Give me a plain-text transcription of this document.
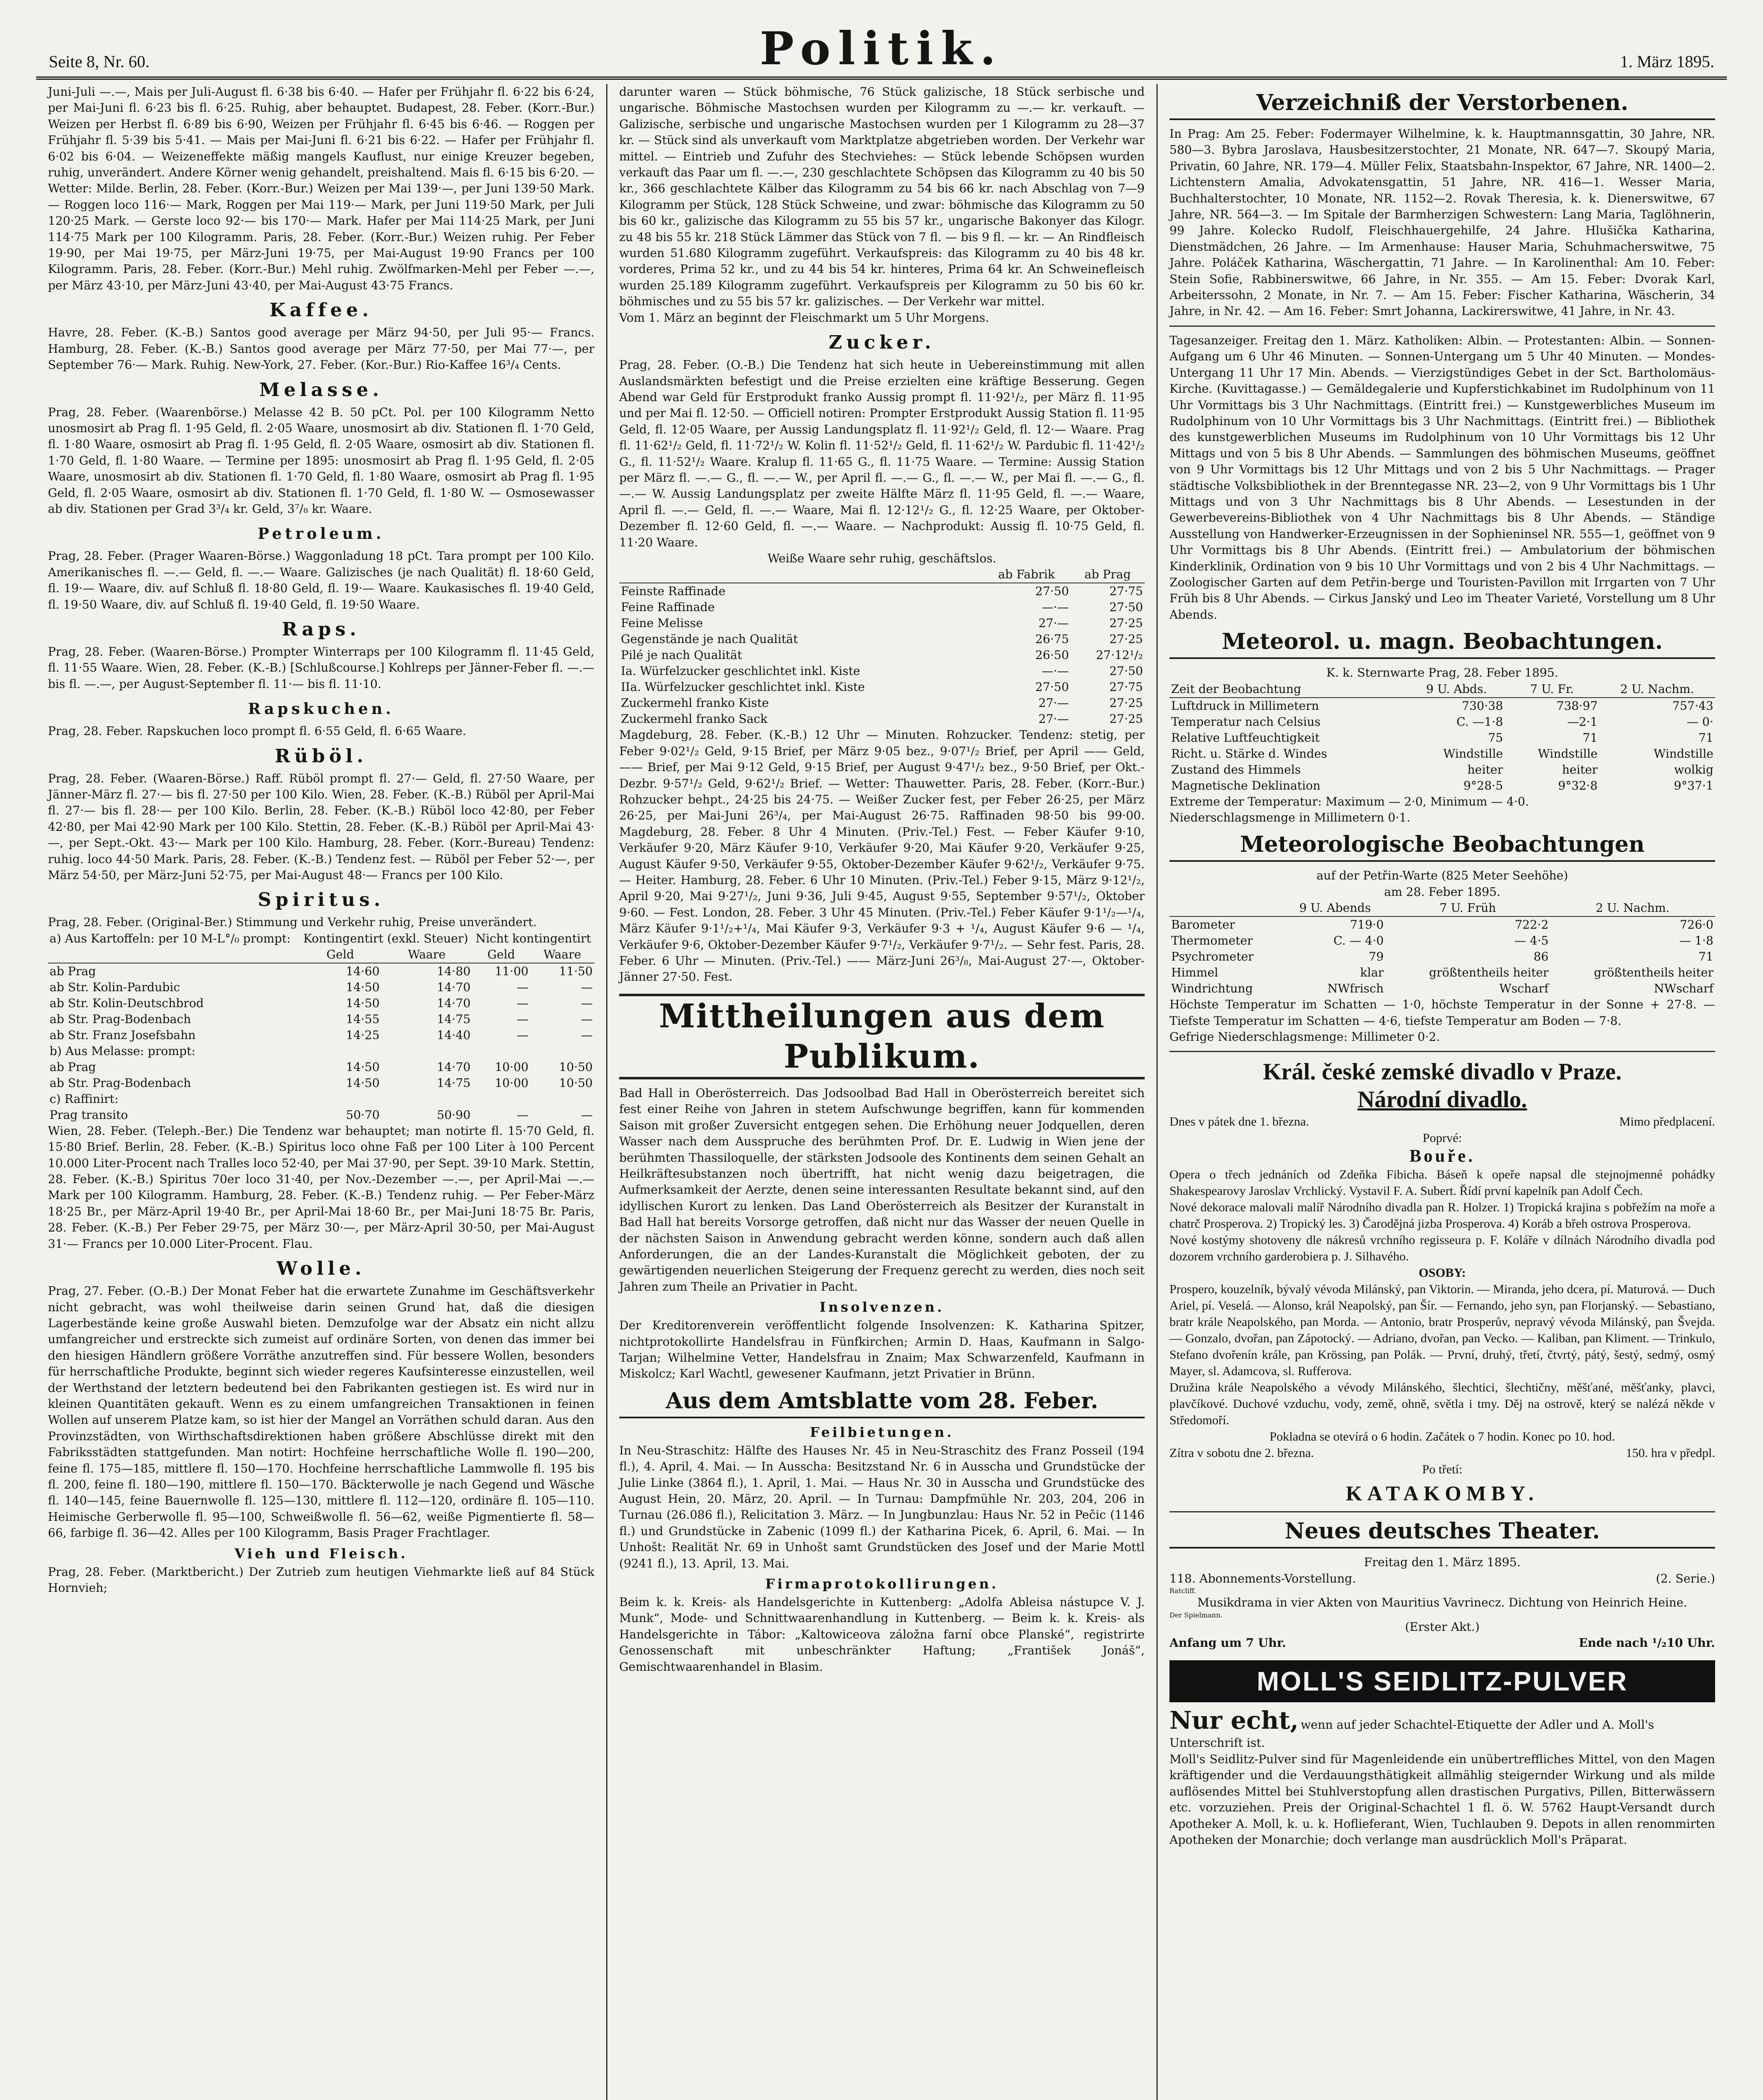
Seite 8, Nr. 60.	Politik.	1. März 1895.

Juni-Juli —.—, Mais per Juli-August fl. 6·38 bis 6·40. — Hafer per Frühjahr fl. 6·22 bis 6·24, per Mai-Juni fl. 6·23 bis fl. 6·25. Ruhig, aber behauptet. Budapest, 28. Feber. (Korr.-Bur.) Weizen per Herbst fl. 6·89 bis 6·90, Weizen per Frühjahr fl. 6·45 bis 6·46. — Roggen per Frühjahr fl. 5·39 bis 5·41. — Mais per Mai-Juni fl. 6·21 bis 6·22. — Hafer per Frühjahr fl. 6·02 bis 6·04. — Weizeneffekte mäßig mangels Kauflust, nur einige Kreuzer begeben, ruhig, unverändert. Andere Körner wenig gehandelt, preishaltend. Mais fl. 6·15 bis 6·20. — Wetter: Milde. Berlin, 28. Feber. (Korr.-Bur.) Weizen per Mai 139·—, per Juni 139·50 Mark. — Roggen loco 116·— Mark, Roggen per Mai 119·— Mark, per Juni 119·50 Mark, per Juli 120·25 Mark. — Gerste loco 92·— bis 170·— Mark. Hafer per Mai 114·25 Mark, per Juni 114·75 Mark per 100 Kilogramm. Paris, 28. Feber. (Korr.-Bur.) Weizen ruhig. Per Feber 19·90, per Mai 19·75, per März-Juni 19·75, per Mai-August 19·90 Francs per 100 Kilogramm. Paris, 28. Feber. (Korr.-Bur.) Mehl ruhig. Zwölfmarken-Mehl per Feber —.—, per März 43·10, per März-Juni 43·40, per Mai-August 43·75 Francs.

Kaffee.

Havre, 28. Feber. (K.-B.) Santos good average per März 94·50, per Juli 95·— Francs. Hamburg, 28. Feber. (K.-B.) Santos good average per März 77·50, per Mai 77·—, per September 76·— Mark. Ruhig. New-York, 27. Feber. (Kor.-Bur.) Rio-Kaffee 16³/₄ Cents.

Melasse.

Prag, 28. Feber. (Waarenbörse.) Melasse 42 B. 50 pCt. Pol. per 100 Kilogramm Netto unosmosirt ab Prag fl. 1·95 Geld, fl. 2·05 Waare, unosmosirt ab div. Stationen fl. 1·70 Geld, fl. 1·80 Waare, osmosirt ab Prag fl. 1·95 Geld, fl. 2·05 Waare, osmosirt ab div. Stationen fl. 1·70 Geld, fl. 1·80 Waare. — Termine per 1895: unosmosirt ab Prag fl. 1·95 Geld, fl. 2·05 Waare, unosmosirt ab div. Stationen fl. 1·70 Geld, fl. 1·80 Waare, osmosirt ab Prag fl. 1·95 Geld, fl. 2·05 Waare, osmosirt ab div. Stationen fl. 1·70 Geld, fl. 1·80 W. — Osmosewasser ab div. Stationen per Grad 3³/₄ kr. Geld, 3⁷/₈ kr. Waare.

Petroleum.

Prag, 28. Feber. (Prager Waaren-Börse.) Waggonladung 18 pCt. Tara prompt per 100 Kilo. Amerikanisches fl. —.— Geld, fl. —.— Waare. Galizisches (je nach Qualität) fl. 18·60 Geld, fl. 19·— Waare, div. auf Schluß fl. 18·80 Geld, fl. 19·— Waare. Kaukasisches fl. 19·40 Geld, fl. 19·50 Waare, div. auf Schluß fl. 19·40 Geld, fl. 19·50 Waare.

Raps.

Prag, 28. Feber. (Waaren-Börse.) Prompter Winterraps per 100 Kilogramm fl. 11·45 Geld, fl. 11·55 Waare. Wien, 28. Feber. (K.-B.) [Schlußcourse.] Kohlreps per Jänner-Feber fl. —.— bis fl. —.—, per August-September fl. 11·— bis fl. 11·10.

Rapskuchen.

Prag, 28. Feber. Rapskuchen loco prompt fl. 6·55 Geld, fl. 6·65 Waare.

Rüböl.

Prag, 28. Feber. (Waaren-Börse.) Raff. Rüböl prompt fl. 27·— Geld, fl. 27·50 Waare, per Jänner-März fl. 27·— bis fl. 27·50 per 100 Kilo. Wien, 28. Feber. (K.-B.) Rüböl per April-Mai fl. 27·— bis fl. 28·— per 100 Kilo. Berlin, 28. Feber. (K.-B.) Rüböl loco 42·80, per Feber 42·80, per Mai 42·90 Mark per 100 Kilo. Stettin, 28. Feber. (K.-B.) Rüböl per April-Mai 43·—, per Sept.-Okt. 43·— Mark per 100 Kilo. Hamburg, 28. Feber. (Korr.-Bureau) Tendenz: ruhig. loco 44·50 Mark. Paris, 28. Feber. (K.-B.) Tendenz fest. — Rüböl per Feber 52·—, per März 54·50, per März-Juni 52·75, per Mai-August 48·— Francs per 100 Kilo.

Spiritus.

Prag, 28. Feber. (Original-Ber.) Stimmung und Verkehr ruhig, Preise unverändert.

a) Aus Kartoffeln: per 10 M-L°/₀ prompt:	Kontingentirt (exkl. Steuer)		Nicht kontingentirt	
	Geld	Waare	Geld	Waare
ab Prag	14·60	14·80	11·00	11·50
ab Str. Kolin-Pardubic	14·50	14·70	—	—
ab Str. Kolin-Deutschbrod	14·50	14·70	—	—
ab Str. Prag-Bodenbach	14·55	14·75	—	—
ab Str. Franz Josefsbahn	14·25	14·40	—	—
b) Aus Melasse: prompt:				
ab Prag	14·50	14·70	10·00	10·50
ab Str. Prag-Bodenbach	14·50	14·75	10·00	10·50
c) Raffinirt:				
Prag transito	50·70	50·90	—	—

Wien, 28. Feber. (Teleph.-Ber.) Die Tendenz war behauptet; man notirte fl. 15·70 Geld, fl. 15·80 Brief. Berlin, 28. Feber. (K.-B.) Spiritus loco ohne Faß per 100 Liter à 100 Percent 10.000 Liter-Procent nach Tralles loco 52·40, per Mai 37·90, per Sept. 39·10 Mark. Stettin, 28. Feber. (K.-B.) Spiritus 70er loco 31·40, per Nov.-Dezember —.—, per April-Mai —.— Mark per 100 Kilogramm. Hamburg, 28. Feber. (K.-B.) Tendenz ruhig. — Per Feber-März 18·25 Br., per März-April 19·40 Br., per April-Mai 18·60 Br., per Mai-Juni 18·75 Br. Paris, 28. Feber. (K.-B.) Per Feber 29·75, per März 30·—, per März-April 30·50, per Mai-August 31·— Francs per 10.000 Liter-Procent. Flau.

Wolle.

Prag, 27. Feber. (O.-B.) Der Monat Feber hat die erwartete Zunahme im Geschäftsverkehr nicht gebracht, was wohl theilweise darin seinen Grund hat, daß die diesigen Lagerbestände keine große Auswahl bieten. Demzufolge war der Absatz ein nicht allzu umfangreicher und erstreckte sich zumeist auf ordinäre Sorten, von denen das immer bei den hiesigen Händlern größere Vorräthe anzutreffen sind. Für bessere Wollen, besonders für herrschaftliche Produkte, beginnt sich wieder regeres Kaufsinteresse einzustellen, weil der Werthstand der letztern bedeutend bei den Fabrikanten gestiegen ist. Es wird nur in kleinen Quantitäten gekauft. Wenn es zu einem umfangreichen Transaktionen in feinen Wollen auf unserem Platze kam, so ist hier der Mangel an Vorräthen schuld daran. Aus den Provinzstädten, von Wirthschaftsdirektionen haben größere Abschlüsse direkt mit den Fabriksstädten stattgefunden. Man notirt: Hochfeine herrschaftliche Wolle fl. 190—200, feine fl. 175—185, mittlere fl. 150—170. Hochfeine herrschaftliche Lammwolle fl. 195 bis fl. 200, feine fl. 180—190, mittlere fl. 150—170. Bäckterwolle je nach Gegend und Wäsche fl. 140—145, feine Bauernwolle fl. 125—130, mittlere fl. 112—120, ordinäre fl. 105—110. Heimische Gerberwolle fl. 95—100, Schweißwolle fl. 56—62, weiße Pigmentierte fl. 58—66, farbige fl. 36—42. Alles per 100 Kilogramm, Basis Prager Frachtlager.

Vieh und Fleisch.

Prag, 28. Feber. (Marktbericht.) Der Zutrieb zum heutigen Viehmarkte ließ auf 84 Stück Hornvieh;

darunter waren — Stück böhmische, 76 Stück galizische, 18 Stück serbische und ungarische. Böhmische Mastochsen wurden per Kilogramm zu —.— kr. verkauft. — Galizische, serbische und ungarische Mastochsen wurden per 1 Kilogramm zu 28—37 kr. — Stück sind als unverkauft vom Marktplatze abgetrieben worden. Der Verkehr war mittel. — Eintrieb und Zufuhr des Stechviehes: — Stück lebende Schöpsen wurden verkauft das Paar um fl. —.—, 230 geschlachtete Schöpsen das Kilogramm zu 40 bis 50 kr., 366 geschlachtete Kälber das Kilogramm zu 54 bis 66 kr. nach Abschlag von 7—9 Kilogramm per Stück, 128 Stück Schweine, und zwar: böhmische das Kilogramm zu 50 bis 60 kr., galizische das Kilogramm zu 55 bis 57 kr., ungarische Bakonyer das Kilogr. zu 48 bis 55 kr. 218 Stück Lämmer das Stück von 7 fl. — bis 9 fl. — kr. — An Rindfleisch wurden 51.680 Kilogramm zugeführt. Verkaufspreis: das Kilogramm zu 40 bis 48 kr. vorderes, Prima 52 kr., und zu 44 bis 54 kr. hinteres, Prima 64 kr. An Schweinefleisch wurden 25.189 Kilogramm zugeführt. Verkaufspreis per Kilogramm zu 50 bis 60 kr. böhmisches und zu 55 bis 57 kr. galizisches. — Der Verkehr war mittel.

Vom 1. März an beginnt der Fleischmarkt um 5 Uhr Morgens.

Zucker.

Prag, 28. Feber. (O.-B.) Die Tendenz hat sich heute in Uebereinstimmung mit allen Auslandsmärkten befestigt und die Preise erzielten eine kräftige Besserung. Gegen Abend war Geld für Erstprodukt franko Aussig prompt fl. 11·92¹/₂, per März fl. 11·95 und per Mai fl. 12·50. — Officiell notiren: Prompter Erstprodukt Aussig Station fl. 11·95 Geld, fl. 12·05 Waare, per Aussig Landungsplatz fl. 11·92¹/₂ Geld, fl. 12·— Waare. Prag fl. 11·62¹/₂ Geld, fl. 11·72¹/₂ W. Kolin fl. 11·52¹/₂ Geld, fl. 11·62¹/₂ W. Pardubic fl. 11·42¹/₂ G., fl. 11·52¹/₂ Waare. Kralup fl. 11·65 G., fl. 11·75 Waare. — Termine: Aussig Station per März fl. —.— G., fl. —.— W., per April fl. —.— G., fl. —.— W., per Mai fl. —.— G., fl. —.— W. Aussig Landungsplatz per zweite Hälfte März fl. 11·95 Geld, fl. —.— Waare, April fl. —.— Geld, fl. —.— Waare, Mai fl. 12·12¹/₂ G., fl. 12·25 Waare, per Oktober-Dezember fl. 12·60 Geld, fl. —.— Waare. — Nachprodukt: Aussig fl. 10·75 Geld, fl. 11·20 Waare.

Weiße Waare sehr ruhig, geschäftslos.

	ab Fabrik	ab Prag
Feinste Raffinade	27·50	27·75
Feine Raffinade	—·—	27·50
Feine Melisse	27·—	27·25
Gegenstände je nach Qualität	26·75	27·25
Pilé je nach Qualität	26·50	27·12¹/₂
Ia. Würfelzucker geschlichtet inkl. Kiste	—·—	27·50
IIa. Würfelzucker geschlichtet inkl. Kiste	27·50	27·75
Zuckermehl franko Kiste	27·—	27·25
Zuckermehl franko Sack	27·—	27·25

Magdeburg, 28. Feber. (K.-B.) 12 Uhr — Minuten. Rohzucker. Tendenz: stetig, per Feber 9·02¹/₂ Geld, 9·15 Brief, per März 9·05 bez., 9·07¹/₂ Brief, per April —— Geld, —— Brief, per Mai 9·12 Geld, 9·15 Brief, per August 9·47¹/₂ bez., 9·50 Brief, per Okt.-Dezbr. 9·57¹/₂ Geld, 9·62¹/₂ Brief. — Wetter: Thauwetter. Paris, 28. Feber. (Korr.-Bur.) Rohzucker behpt., 24·25 bis 24·75. — Weißer Zucker fest, per Feber 26·25, per März 26·25, per Mai-Juni 26³/₄, per Mai-August 26·75. Raffinaden 98·50 bis 99·00. Magdeburg, 28. Feber. 8 Uhr 4 Minuten. (Priv.-Tel.) Fest. — Feber Käufer 9·10, Verkäufer 9·20, März Käufer 9·10, Verkäufer 9·20, Mai Käufer 9·20, Verkäufer 9·25, August Käufer 9·50, Verkäufer 9·55, Oktober-Dezember Käufer 9·62¹/₂, Verkäufer 9·75. — Heiter. Hamburg, 28. Feber. 6 Uhr 10 Minuten. (Priv.-Tel.) Feber 9·15, März 9·12¹/₂, April 9·20, Mai 9·27¹/₂, Juni 9·36, Juli 9·45, August 9·55, September 9·57¹/₂, Oktober 9·60. — Fest. London, 28. Feber. 3 Uhr 45 Minuten. (Priv.-Tel.) Feber Käufer 9·1¹/₂—¹/₄, März Käufer 9·1¹/₂+¹/₄, Mai Käufer 9·3, Verkäufer 9·3 + ¹/₄, August Käufer 9·6 — ¹/₄, Verkäufer 9·6, Oktober-Dezember Käufer 9·7¹/₂, Verkäufer 9·7¹/₂. — Sehr fest. Paris, 28. Feber. 6 Uhr — Minuten. (Priv.-Tel.) —— März-Juni 26³/₈, Mai-August 27·—, Oktober-Jänner 27·50. Fest.

Mittheilungen aus dem Publikum.

Bad Hall in Oberösterreich. Das Jodsoolbad Bad Hall in Oberösterreich bereitet sich fest einer Reihe von Jahren in stetem Aufschwunge begriffen, kann für kommenden Saison mit großer Zuversicht entgegen sehen. Die Erhöhung neuer Jodquellen, deren Wasser nach dem Ausspruche des berühmten Prof. Dr. E. Ludwig in Wien jene der berühmten Thassiloquelle, der stärksten Jodsoole des Kontinents dem seinen Gehalt an Heilkräftesubstanzen noch übertrifft, hat nicht wenig dazu beigetragen, die Aufmerksamkeit der Aerzte, denen seine interessanten Resultate bekannt sind, auf den idyllischen Kurort zu lenken. Das Land Oberösterreich als Besitzer der Kuranstalt in Bad Hall hat bereits Vorsorge getroffen, daß nicht nur das Wasser der neuen Quelle in der nächsten Saison in Anwendung gebracht werden könne, sondern auch daß allen Anforderungen, die an der Landes-Kuranstalt die Möglichkeit geboten, der zu gewärtigenden neuerlichen Steigerung der Frequenz gerecht zu werden, dies noch seit Jahren zum Theile an Privatier in Pacht.

Insolvenzen.

Der Kreditorenverein veröffentlicht folgende Insolvenzen: K. Katharina Spitzer, nichtprotokollirte Handelsfrau in Fünfkirchen; Armin D. Haas, Kaufmann in Salgo-Tarjan; Wilhelmine Vetter, Handelsfrau in Znaim; Max Schwarzenfeld, Kaufmann in Miskolcz; Karl Wachtl, gewesener Kaufmann, jetzt Privatier in Brünn.

Aus dem Amtsblatte vom 28. Feber.
Feilbietungen.

In Neu-Straschitz: Hälfte des Hauses Nr. 45 in Neu-Straschitz des Franz Posseil (194 fl.), 4. April, 4. Mai. — In Ausscha: Besitzstand Nr. 6 in Ausscha und Grundstücke der Julie Linke (3864 fl.), 1. April, 1. Mai. — Haus Nr. 30 in Ausscha und Grundstücke des August Hein, 20. März, 20. April. — In Turnau: Dampfmühle Nr. 203, 204, 206 in Turnau (26.086 fl.), Relicitation 3. März. — In Jungbunzlau: Haus Nr. 52 in Pečic (1146 fl.) und Grundstücke in Zabenic (1099 fl.) der Katharina Picek, 6. April, 6. Mai. — In Unhošt: Realität Nr. 69 in Unhošt samt Grundstücken des Josef und der Marie Mottl (9241 fl.), 13. April, 13. Mai.

Firmaprotokollirungen.

Beim k. k. Kreis- als Handelsgerichte in Kuttenberg: „Adolfa Ableisa nástupce V. J. Munk“, Mode- und Schnittwaarenhandlung in Kuttenberg. — Beim k. k. Kreis- als Handelsgerichte in Tábor: „Kaltowiceova záložna farní obce Planské“, registrirte Genossenschaft mit unbeschränkter Haftung; „František Jonáš“, Gemischtwaarenhandel in Blasim.

Verzeichniß der Verstorbenen.

In Prag: Am 25. Feber: Fodermayer Wilhelmine, k. k. Hauptmannsgattin, 30 Jahre, NR. 580—3. Bybra Jaroslava, Hausbesitzerstochter, 21 Monate, NR. 647—7. Skoupý Maria, Privatin, 60 Jahre, NR. 179—4. Müller Felix, Staatsbahn-Inspektor, 67 Jahre, NR. 1400—2. Lichtenstern Amalia, Advokatensgattin, 51 Jahre, NR. 416—1. Wesser Maria, Buchhalterstochter, 10 Monate, NR. 1152—2. Rovak Theresia, k. k. Dienerswitwe, 67 Jahre, NR. 564—3. — Im Spitale der Barmherzigen Schwestern: Lang Maria, Taglöhnerin, 99 Jahre. Kolecko Rudolf, Fleischhauergehilfe, 24 Jahre. Hlušička Katharina, Dienstmädchen, 26 Jahre. — Im Armenhause: Hauser Maria, Schuhmacherswitwe, 75 Jahre. Poláček Katharina, Wäschergattin, 71 Jahre. — In Karolinenthal: Am 10. Feber: Stein Sofie, Rabbinerswitwe, 66 Jahre, in Nr. 355. — Am 15. Feber: Dvorak Karl, Arbeiterssohn, 2 Monate, in Nr. 7. — Am 15. Feber: Fischer Katharina, Wäscherin, 34 Jahre, in Nr. 42. — Am 16. Feber: Smrt Johanna, Lackirerswitwe, 41 Jahre, in Nr. 43.

Tagesanzeiger. Freitag den 1. März. Katholiken: Albin. — Protestanten: Albin. — Sonnen-Aufgang um 6 Uhr 46 Minuten. — Sonnen-Untergang um 5 Uhr 40 Minuten. — Mondes-Untergang 11 Uhr 17 Min. Abends. — Vierzigstündiges Gebet in der Sct. Bartholomäus-Kirche. (Kuvittagasse.) — Gemäldegalerie und Kupferstichkabinet im Rudolphinum von 11 Uhr Vormittags bis 3 Uhr Nachmittags. (Eintritt frei.) — Kunstgewerbliches Museum im Rudolphinum von 10 Uhr Vormittags bis 3 Uhr Nachmittags. (Eintritt frei.) — Bibliothek des kunstgewerblichen Museums im Rudolphinum von 10 Uhr Vormittags bis 12 Uhr Mittags und von 5 bis 8 Uhr Abends. — Sammlungen des böhmischen Museums, geöffnet von 9 Uhr Vormittags bis 12 Uhr Mittags und von 2 bis 5 Uhr Nachmittags. — Prager städtische Volksbibliothek in der Brenntegasse NR. 23—2, von 9 Uhr Vormittags bis 1 Uhr Mittags und von 3 Uhr Nachmittags bis 8 Uhr Abends. — Lesestunden in der Gewerbevereins-Bibliothek von 4 Uhr Nachmittags bis 8 Uhr Abends. — Ständige Ausstellung von Handwerker-Erzeugnissen in der Sophieninsel NR. 555—1, geöffnet von 9 Uhr Vormittags bis 8 Uhr Abends. (Eintritt frei.) — Ambulatorium der böhmischen Kinderklinik, Ordination von 9 bis 10 Uhr Vormittags und von 2 bis 4 Uhr Nachmittags. — Zoologischer Garten auf dem Petřin-berge und Touristen-Pavillon mit Irrgarten von 7 Uhr Früh bis 8 Uhr Abends. — Cirkus Janský und Leo im Theater Varieté, Vorstellung um 8 Uhr Abends.

Meteorol. u. magn. Beobachtungen.
K. k. Sternwarte Prag, 28. Feber 1895.
Zeit der Beobachtung	9 U. Abds.	7 U. Fr.	2 U. Nachm.
Luftdruck in Millimetern	730·38	738·97	757·43
Temperatur nach Celsius	C. —1·8	—2·1	— 0·
Relative Luftfeuchtigkeit	75	71	71
Richt. u. Stärke d. Windes	Windstille	Windstille	Windstille
Zustand des Himmels	heiter	heiter	wolkig
Magnetische Deklination	9°28·5	9°32·8	9°37·1

Extreme der Temperatur: Maximum — 2·0, Minimum — 4·0.

Niederschlagsmenge in Millimetern 0·1.

Meteorologische Beobachtungen
auf der Petřin-Warte (825 Meter Seehöhe)
am 28. Feber 1895.
	9 U. Abends	7 U. Früh	2 U. Nachm.
Barometer	719·0	722·2	726·0
Thermometer	C. — 4·0	— 4·5	— 1·8
Psychrometer	79	86	71
Himmel	klar	größtentheils heiter	größtentheils heiter
Windrichtung	NWfrisch	Wscharf	NWscharf

Höchste Temperatur im Schatten — 1·0, höchste Temperatur in der Sonne + 27·8. — Tiefste Temperatur im Schatten — 4·6, tiefste Temperatur am Boden — 7·8.

Gefrige Niederschlagsmenge: Millimeter 0·2.

Král. české zemské divadlo v Praze.
Národní divadlo.
Dnes v pátek dne 1. března.	Mimo předplacení.
Poprvé:
Bouře.

Opera o třech jednáních od Zdeňka Fibicha. Báseň k opeře napsal dle stejnojmenné pohádky Shakespearovy Jaroslav Vrchlický. Vystavil F. A. Subert. Řídí první kapelník pan Adolf Čech.

Nové dekorace malovali malíř Národního divadla pan R. Holzer. 1) Tropická krajina s pobřežím na moře a chatrč Prosperova. 2) Tropický les. 3) Čarodějná jizba Prosperova. 4) Koráb a břeh ostrova Prosperova.

Nové kostýmy shotoveny dle nákresů vrchního regisseura p. F. Koláře v dílnách Národního divadla pod dozorem vrchního garderobiera p. J. Silhavého.

OSOBY:

Prospero, kouzelník, bývalý vévoda Milánský, pan Viktorin. — Miranda, jeho dcera, pí. Maturová. — Duch Ariel, pí. Veselá. — Alonso, král Neapolský, pan Šír. — Fernando, jeho syn, pan Florjanský. — Sebastiano, bratr krále Neapolského, pan Morda. — Antonio, bratr Prosperův, nepravý vévoda Milánský, pan Švejda. — Gonzalo, dvořan, pan Zápotocký. — Adriano, dvořan, pan Vecko. — Kaliban, pan Kliment. — Trinkulo, Stefano dvořenín krále, pan Krössing, pan Polák. — První, druhý, třetí, čtvrtý, pátý, šestý, sedmý, osmý Mayer, sl. Adamcova, sl. Rufferova.

Družina krále Neapolského a vévody Milánského, šlechtici, šlechtičny, měšťané, měšťanky, plavci, plavčíkové. Duchové vzduchu, vody, země, ohně, světla i tmy. Děj na ostrově, který se nalézá někde v Středomoří.

Pokladna se otevírá o 6 hodin. Začátek o 7 hodin. Konec po 10. hod.

Zítra v sobotu dne 2. března.	150. hra v předpl.
Po třetí:
KATAKOMBY.
Neues deutsches Theater.
Freitag den 1. März 1895.
118. Abonnements-Vorstellung.	(2. Serie.)
Ratcliff.

Musikdrama in vier Akten von Mauritius Vavrinecz. Dichtung von Heinrich Heine.

Der Spielmann.

(Erster Akt.)

Anfang um 7 Uhr.	Ende nach ¹/₂10 Uhr.
MOLL'S SEIDLITZ-PULVER
Nur echt, wenn auf jeder Schachtel-Etiquette der Adler und A. Moll's Unterschrift ist.

Moll's Seidlitz-Pulver sind für Magenleidende ein unübertreffliches Mittel, von den Magen kräftigender und die Verdauungsthätigkeit allmählig steigernder Wirkung und als milde auflösendes Mittel bei Stuhlverstopfung allen drastischen Purgativs, Pillen, Bitterwässern etc. vorzuziehen. Preis der Original-Schachtel 1 fl. ö. W. 5762 Haupt-Versandt durch Apotheker A. Moll, k. u. k. Hoflieferant, Wien, Tuchlauben 9. Depots in allen renommirten Apotheken der Monarchie; doch verlange man ausdrücklich Moll's Präparat.
